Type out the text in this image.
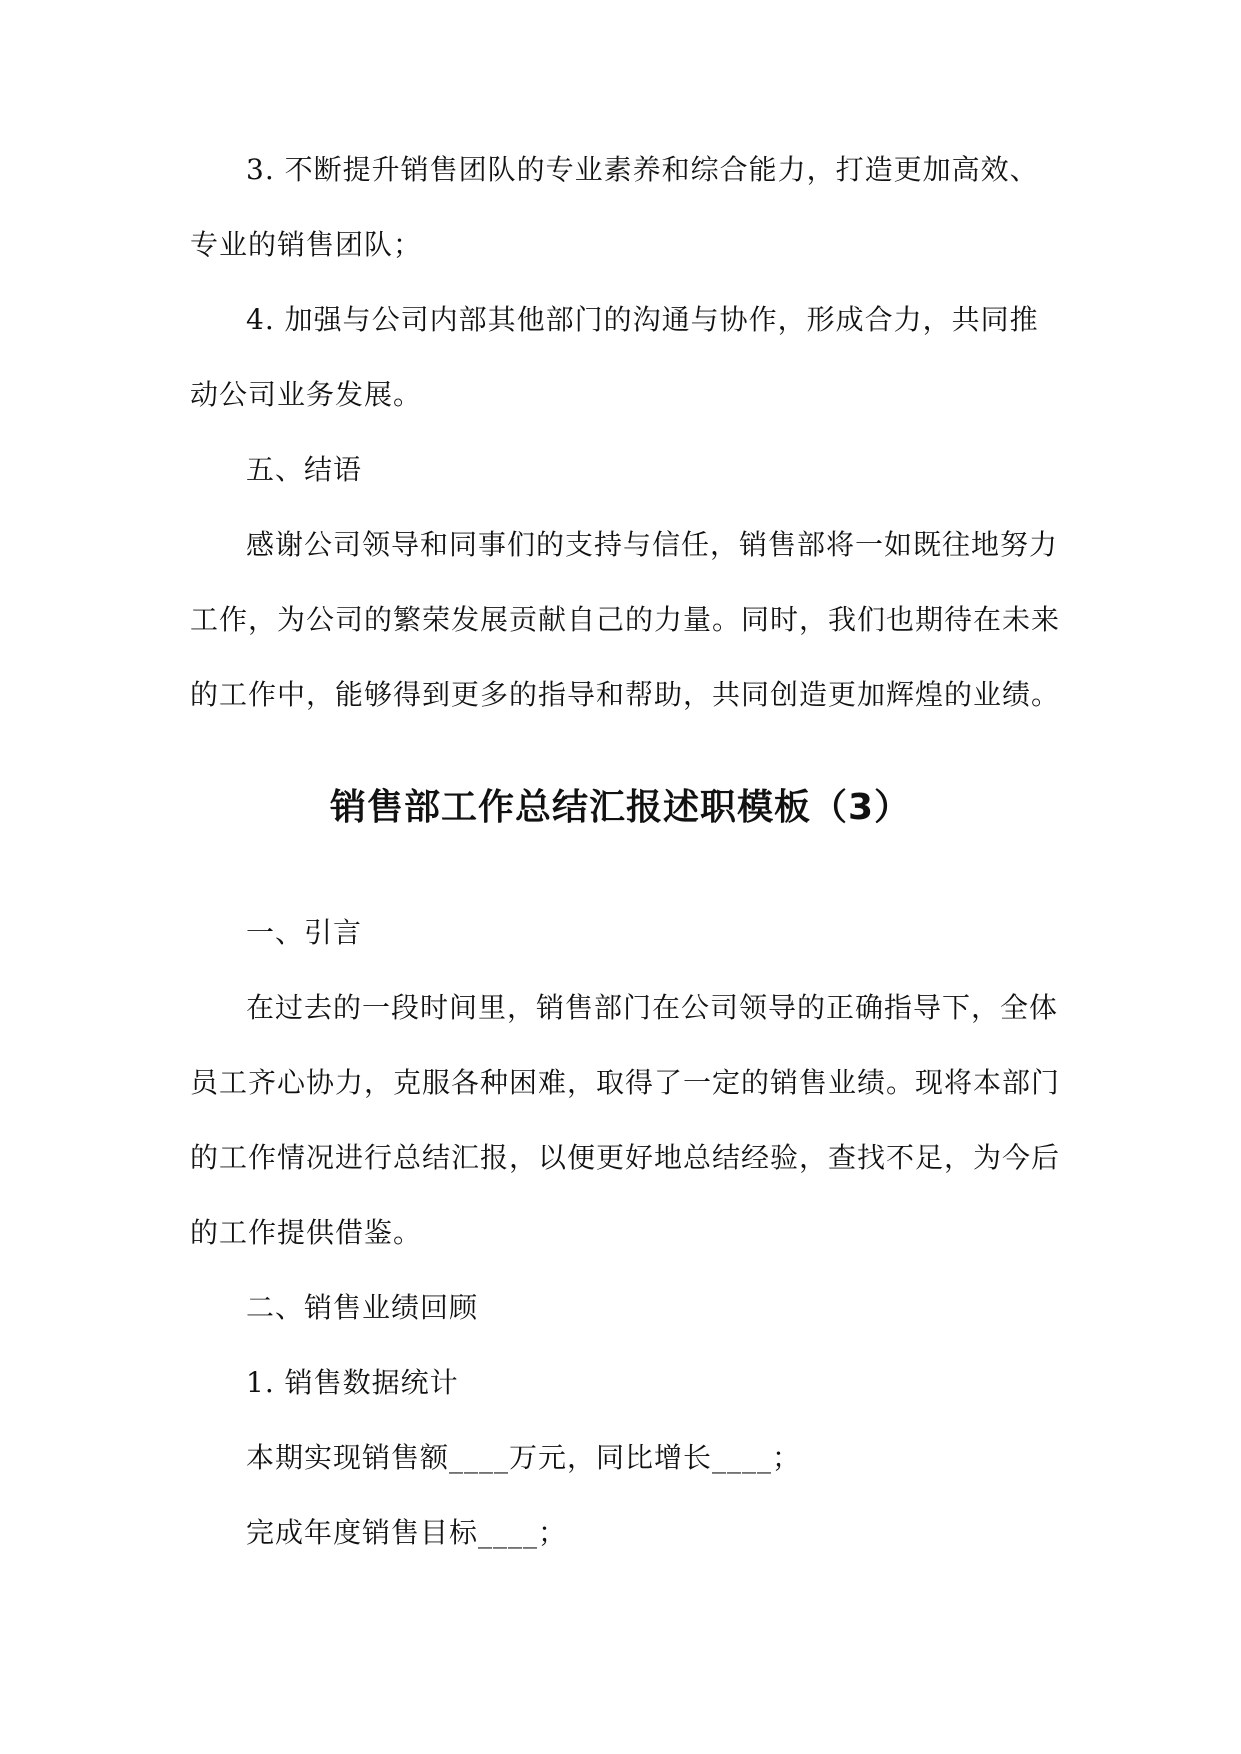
3. 不断提升销售团队的专业素养和综合能力，打造更加高效、专业的销售团队；

4. 加强与公司内部其他部门的沟通与协作，形成合力，共同推动公司业务发展。

五、结语

感谢公司领导和同事们的支持与信任，销售部将一如既往地努力工作，为公司的繁荣发展贡献自己的力量。同时，我们也期待在未来的工作中，能够得到更多的指导和帮助，共同创造更加辉煌的业绩。

销售部工作总结汇报述职模板（3）

一、引言

在过去的一段时间里，销售部门在公司领导的正确指导下，全体员工齐心协力，克服各种困难，取得了一定的销售业绩。现将本部门的工作情况进行总结汇报，以便更好地总结经验，查找不足，为今后的工作提供借鉴。

二、销售业绩回顾

1. 销售数据统计

本期实现销售额____万元，同比增长____；

完成年度销售目标____；
